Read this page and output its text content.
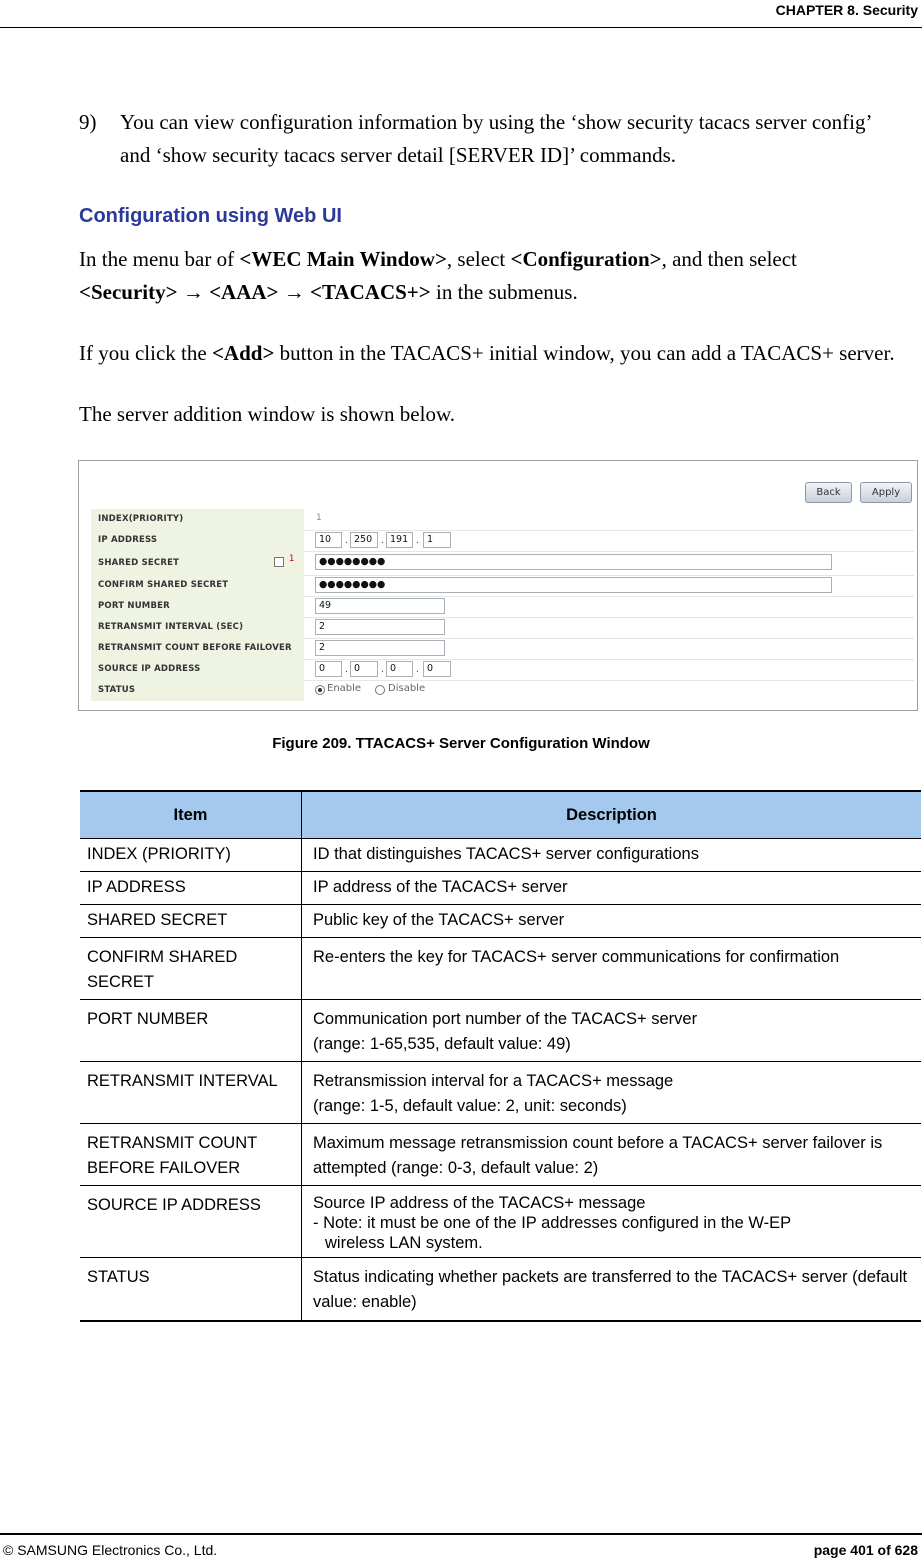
CHAPTER 8. Security
9) You can view configuration information by using the ‘show security tacacs server config’ and ‘show security tacacs server detail [SERVER ID]’ commands.
Configuration using Web UI
In the menu bar of <WEC Main Window>, select <Configuration>, and then select
<Security> → <AAA> → <TACACS+> in the submenus.
If you click the <Add> button in the TACACS+ initial window, you can add a TACACS+ server.
The server addition window is shown below.
Back	Apply
INDEX(PRIORITY)	1
IP ADDRESS	10	. 250 . 191 . 1
SHARED SECRET	1	●●●●●●●●
CONFIRM SHARED SECRET	●●●●●●●●
PORT NUMBER	49
RETRANSMIT INTERVAL (SEC)	2
RETRANSMIT COUNT BEFORE FAILOVER	2
SOURCE IP ADDRESS	0	. 0	. 0	. 0
STATUS	Enable	Disable
Figure 209. TTACACS+ Server Configuration Window
Item	Description
INDEX (PRIORITY)	ID that distinguishes TACACS+ server configurations
IP ADDRESS	IP address of the TACACS+ server
SHARED SECRET	Public key of the TACACS+ server
CONFIRM SHARED SECRET	Re-enters the key for TACACS+ server communications for confirmation
PORT NUMBER	Communication port number of the TACACS+ server
(range: 1-65,535, default value: 49)

RETRANSMIT INTERVAL	Retransmission interval for a TACACS+ message
(range: 1-5, default value: 2, unit: seconds)

RETRANSMIT COUNT BEFORE FAILOVER	Maximum message retransmission count before a TACACS+ server failover is attempted (range: 0-3, default value: 2)
SOURCE IP ADDRESS	Source IP address of the TACACS+ message
- Note: it must be one of the IP addresses configured in the W-EP
wireless LAN system.

STATUS	Status indicating whether packets are transferred to the TACACS+ server (default value: enable)
© SAMSUNG Electronics Co., Ltd.	page 401 of 628
